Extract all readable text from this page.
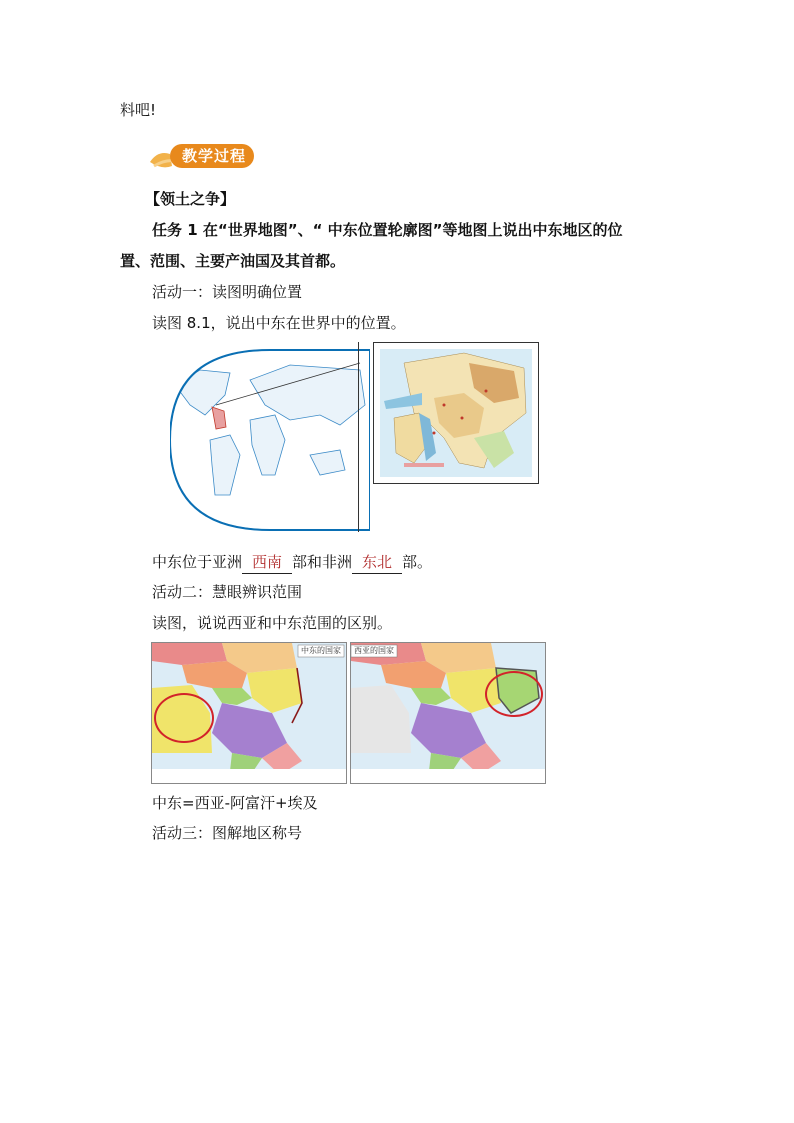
料吧!
教学过程
【领土之争】
任务 1 在“世界地图”、“ 中东位置轮廓图”等地图上说出中东地区的位
置、范围、主要产油国及其首都。
活动一：读图明确位置
读图 8.1，说出中东在世界中的位置。
中东位于亚洲 西南 部和非洲 东北 部。
活动二：慧眼辨识范围
读图，说说西亚和中东范围的区别。
中东的国家 西亚的国家
中东=西亚-阿富汗+埃及
活动三：图解地区称号
